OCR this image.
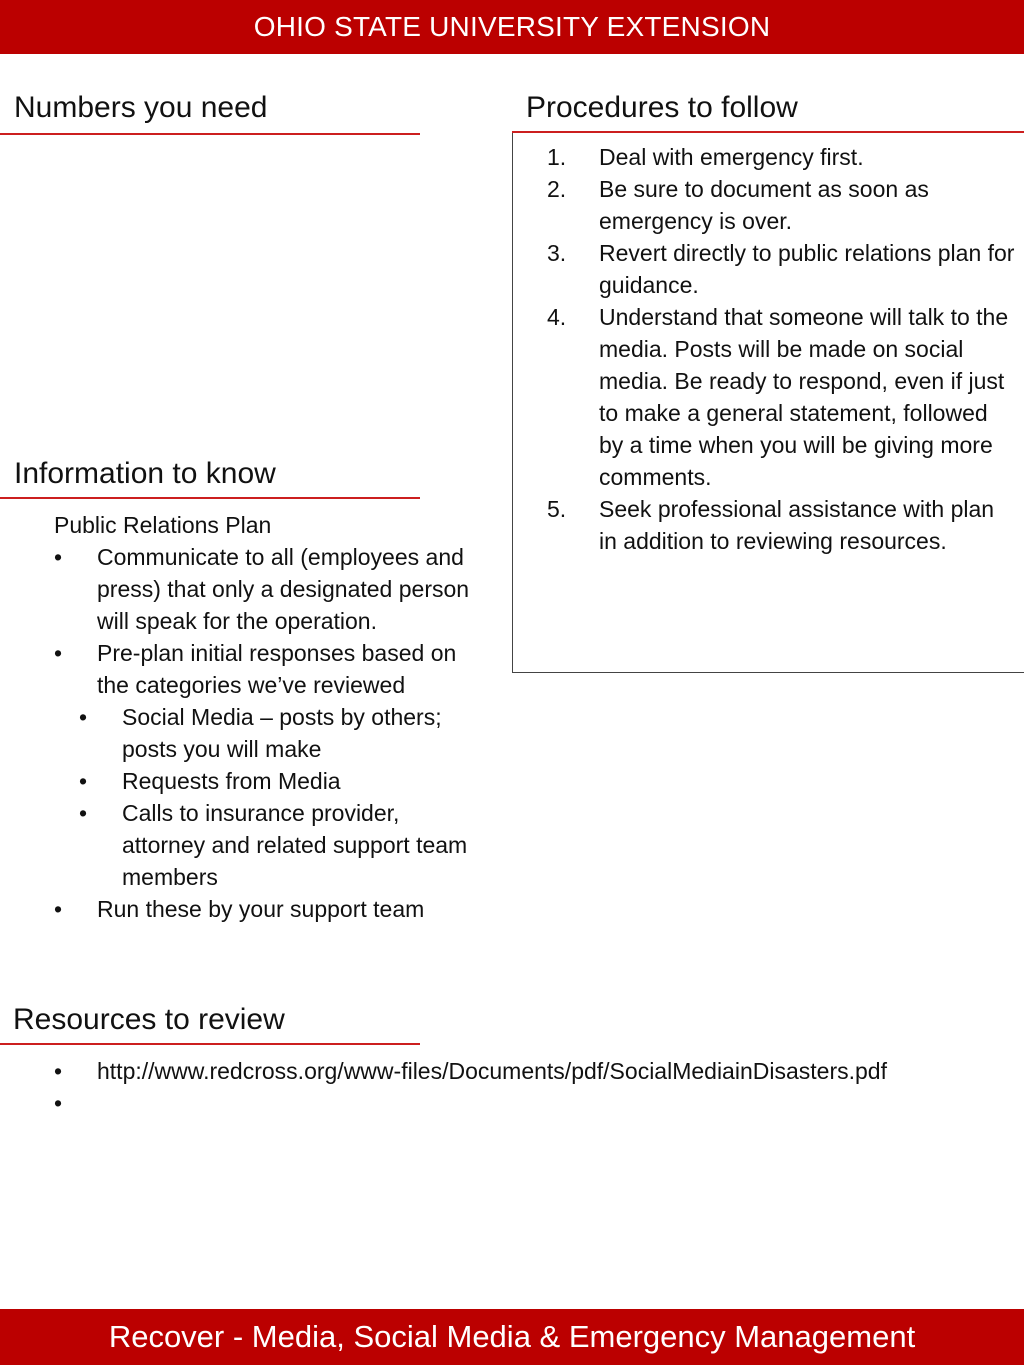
OHIO STATE UNIVERSITY EXTENSION
Numbers you need	Procedures to follow
1. Deal with emergency first.
2. Be sure to document as soon as emergency is over.
3. Revert directly to public relations plan for guidance.
4. Understand that someone will talk to the media. Posts will be made on social media. Be ready to respond, even if just to make a general statement, followed by a time when you will be giving more comments.
5. Seek professional assistance with plan in addition to reviewing resources.
Information to know

Public Relations Plan

•	Communicate to all (employees and press) that only a designated person will speak for the operation.
•	Pre-plan initial responses based on the categories we’ve reviewed
•	Social Media – posts by others; posts you will make
•	Requests from Media
•	Calls to insurance provider, attorney and related support team members
•	Run these by your support team
Resources to review
• http://www.redcross.org/www-files/Documents/pdf/SocialMediainDisasters.pdf
•
Recover - Media, Social Media & Emergency Management
